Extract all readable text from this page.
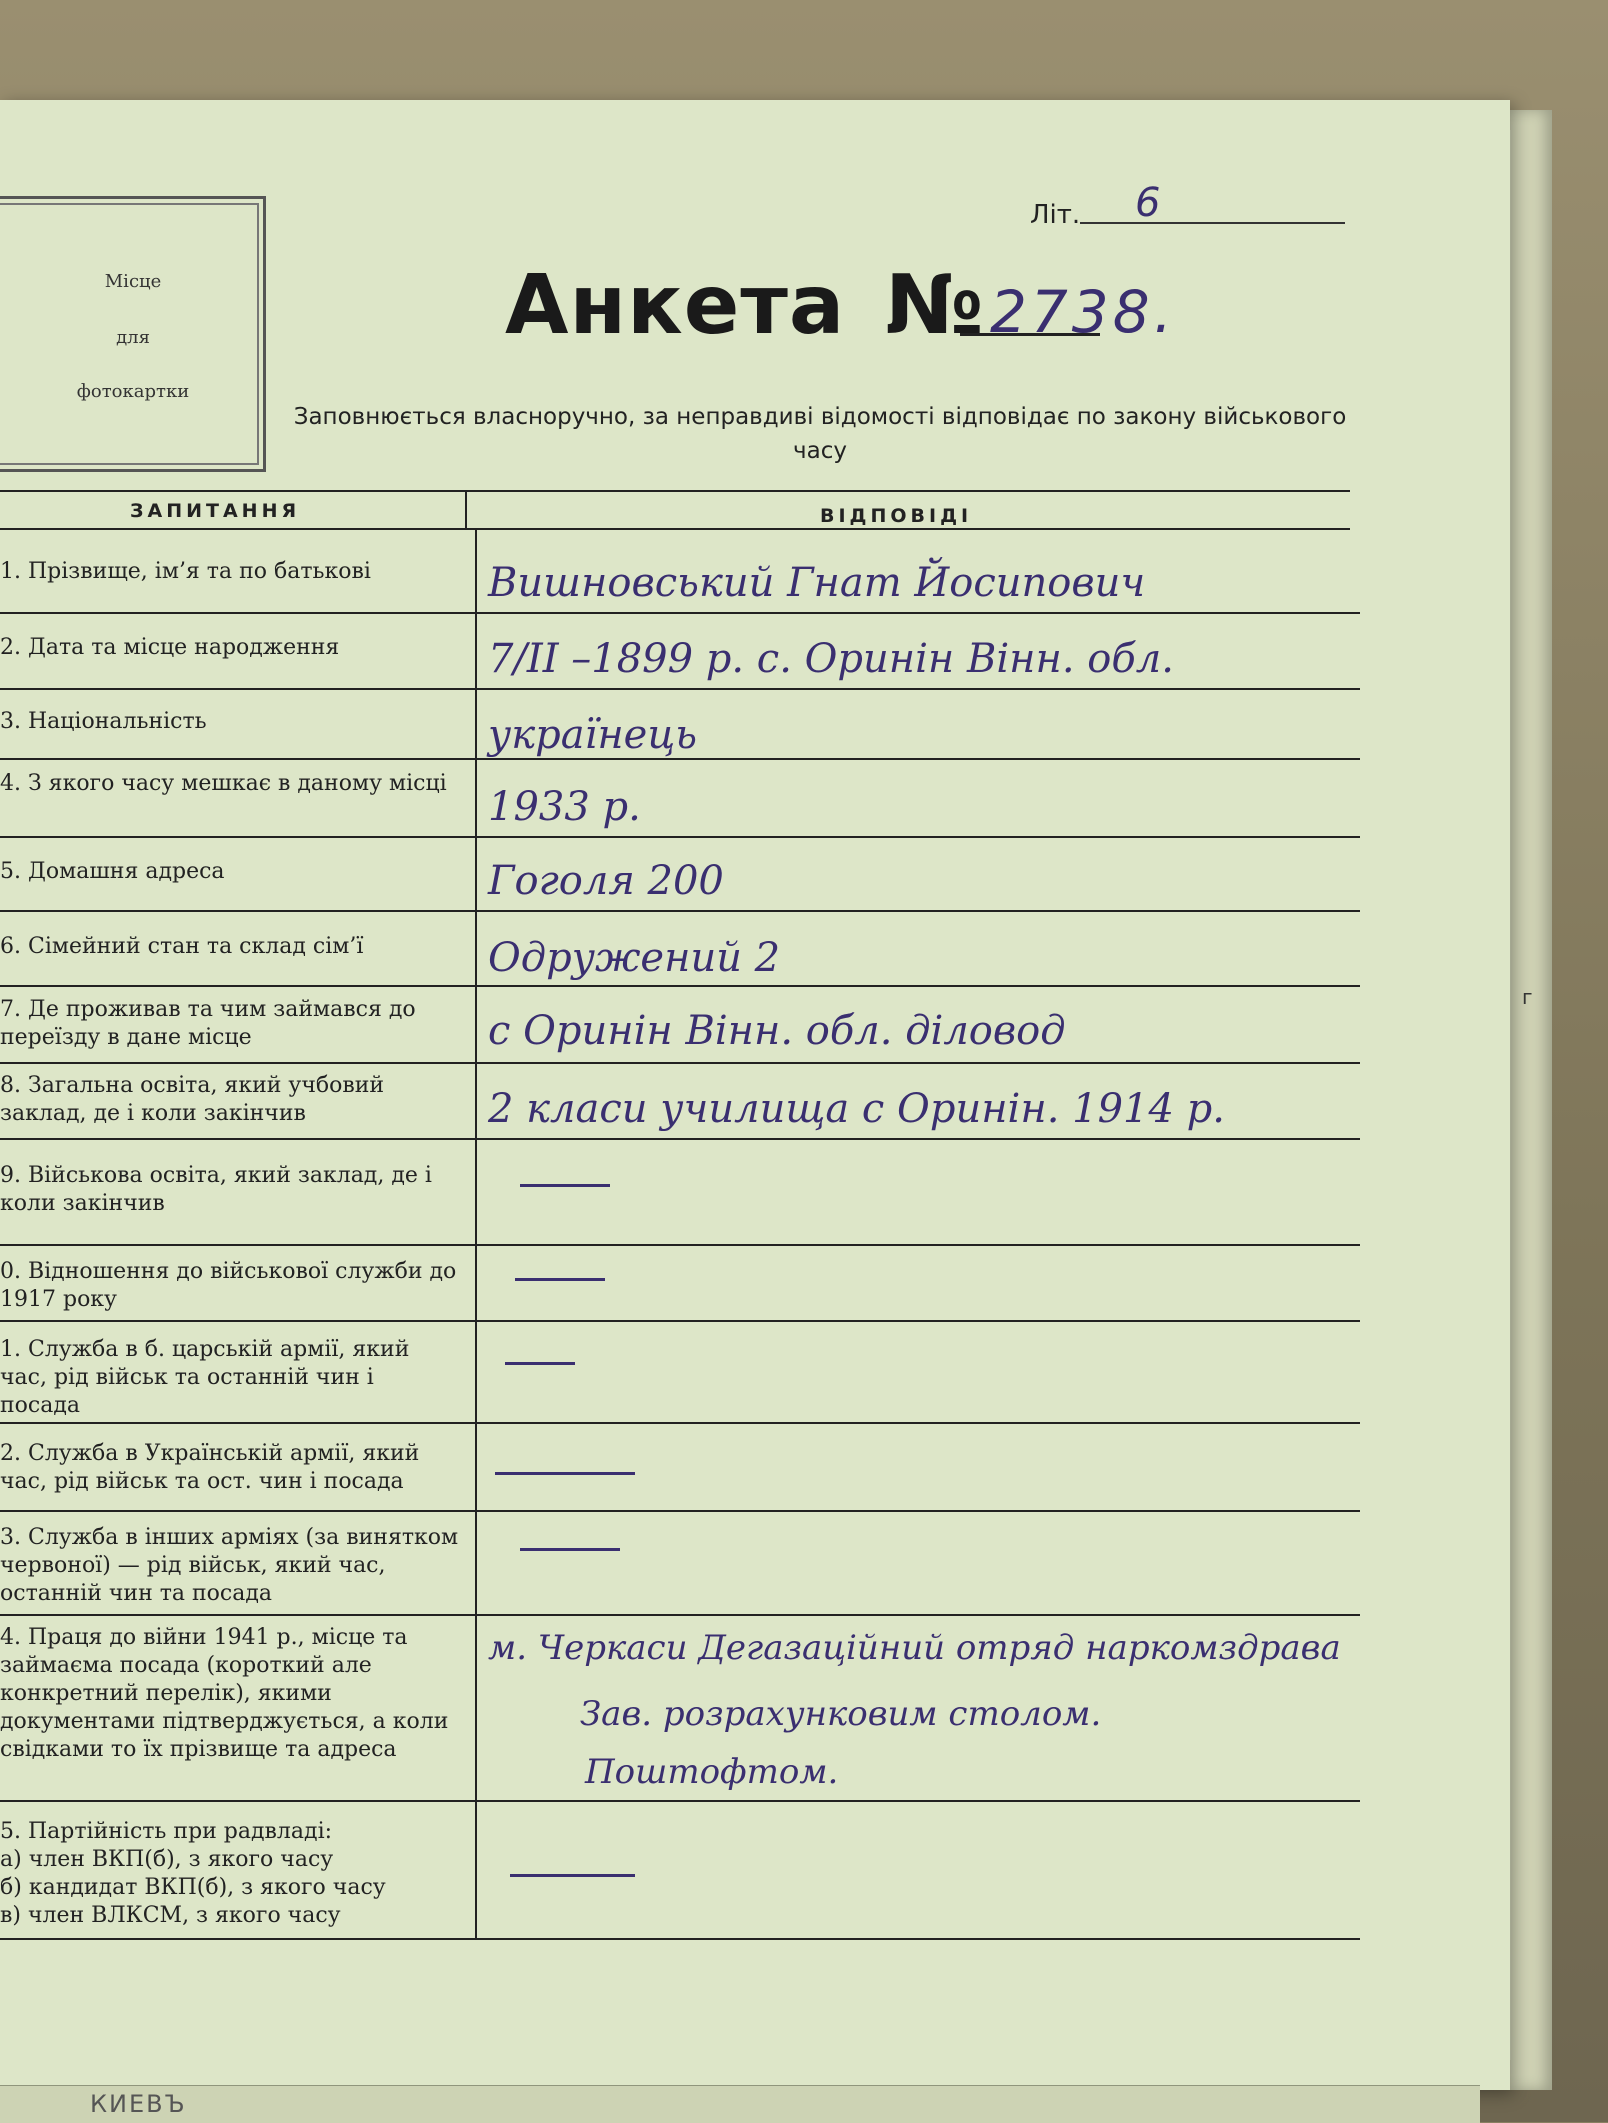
Місце
для
фотокартки
Літ. 6
Анкета № 2738.
Заповнюється власноручно, за неправдиві відомості відповідає по закону військового часу
ЗАПИТАННЯ	ВІДПОВІДІ
1. Прізвище, ім’я та по батькові
2. Дата та місце народження
3. Національність
4. З якого часу мешкає в даному місці
5. Домашня адреса
6. Сімейний стан та склад сім’ї
7. Де проживав та чим займався до переїзду в дане місце
8. Загальна освіта, який учбовий заклад, де і коли закінчив
9. Військова освіта, який заклад, де і коли закінчив
0. Відношення до військової служби до 1917 року
1. Служба в б. царській армії, який час, рід військ та останній чин і посада
2. Служба в Українській армії, який час, рід військ та ост. чин і посада
3. Служба в інших арміях (за винятком червоної) — рід військ, який час, останній чин та посада
4. Праця до війни 1941 р., місце та займаєма посада (короткий але конкретний перелік), якими документами підтверджується, а коли свідками то їх прізвище та адреса
5. Партійність при радвладі:
а) член ВКП(б), з якого часу
б) кандидат ВКП(б), з якого часу
в) член ВЛКСМ, з якого часу
Вишновський Гнат Йосипович
7/II –1899 р. с. Оринін Вінн. обл.
українець
1933 р.
Гоголя 200
Одружений 2
с Оринін Вінн. обл. діловод
2 класи училища с Оринін. 1914 р.
м. Черкаси Дегазаційний отряд наркомздрава
Зав. розрахунковим столом.
Поштофтом.
г
КИЕВЪ
